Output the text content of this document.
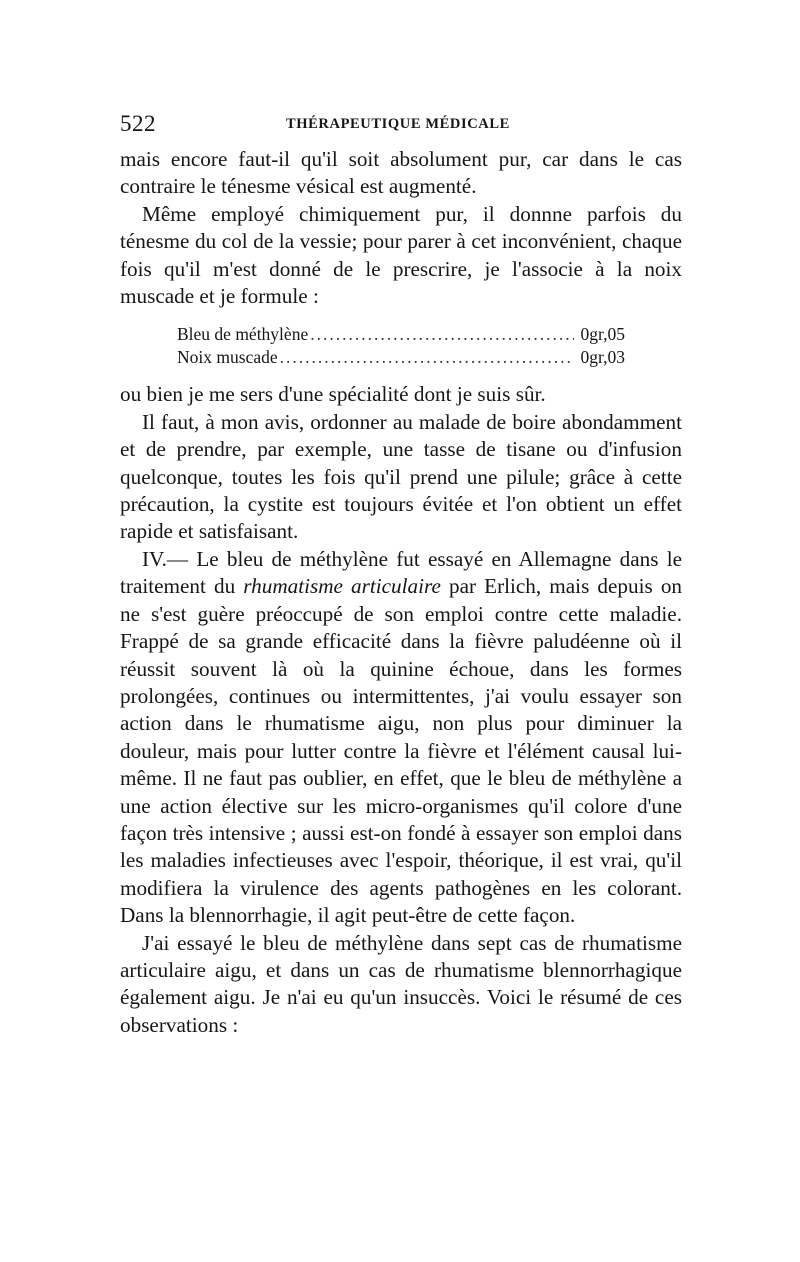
522	THÉRAPEUTIQUE MÉDICALE

mais encore faut-il qu'il soit absolument pur, car dans le cas contraire le ténesme vésical est augmenté.

Même employé chimiquement pur, il donnne parfois du ténesme du col de la vessie; pour parer à cet inconvénient, chaque fois qu'il m'est donné de le prescrire, je l'associe à la noix muscade et je formule :

Bleu de méthylène .....	0gr,05
Noix muscade .....	0gr,03

ou bien je me sers d'une spécialité dont je suis sûr.

Il faut, à mon avis, ordonner au malade de boire abondamment et de prendre, par exemple, une tasse de tisane ou d'infusion quelconque, toutes les fois qu'il prend une pilule; grâce à cette précaution, la cystite est toujours évitée et l'on obtient un effet rapide et satisfaisant.

IV.— Le bleu de méthylène fut essayé en Allemagne dans le traitement du rhumatisme articulaire par Erlich, mais depuis on ne s'est guère préoccupé de son emploi contre cette maladie. Frappé de sa grande efficacité dans la fièvre paludéenne où il réussit souvent là où la quinine échoue, dans les formes prolongées, continues ou intermittentes, j'ai voulu essayer son action dans le rhumatisme aigu, non plus pour diminuer la douleur, mais pour lutter contre la fièvre et l'élément causal lui-même. Il ne faut pas oublier, en effet, que le bleu de méthylène a une action élective sur les micro-organismes qu'il colore d'une façon très intensive ; aussi est-on fondé à essayer son emploi dans les maladies infectieuses avec l'espoir, théorique, il est vrai, qu'il modifiera la virulence des agents pathogènes en les colorant. Dans la blennorrhagie, il agit peut-être de cette façon.

J'ai essayé le bleu de méthylène dans sept cas de rhumatisme articulaire aigu, et dans un cas de rhumatisme blennorrhagique également aigu. Je n'ai eu qu'un insuccès. Voici le résumé de ces observations :
